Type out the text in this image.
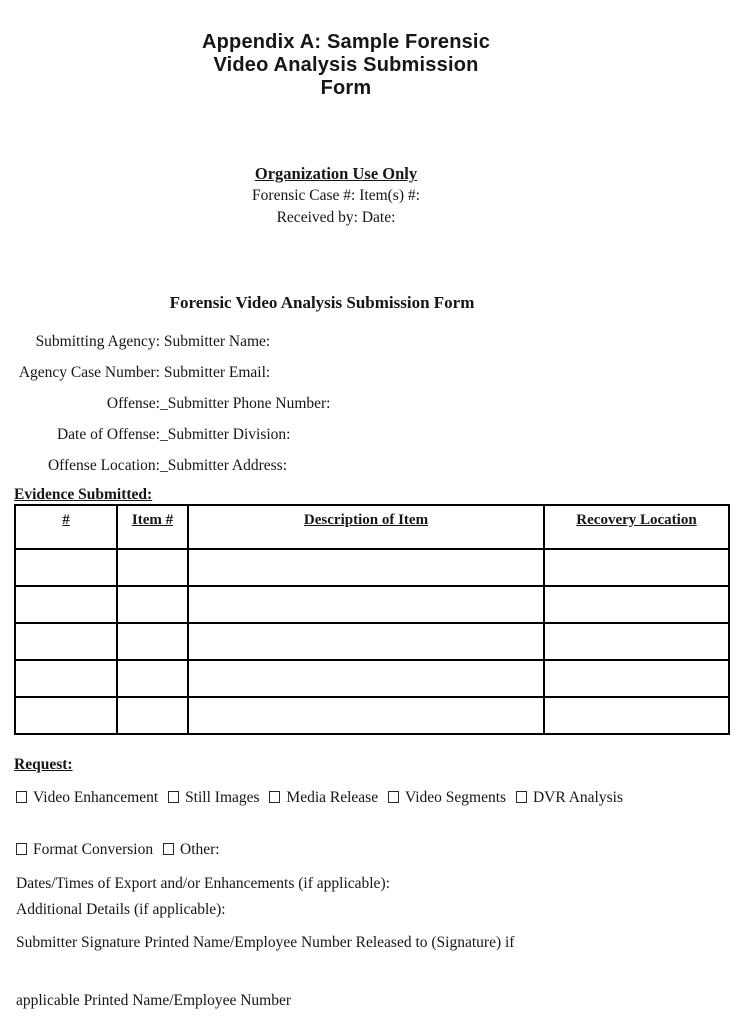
Appendix A: Sample Forensic
Video Analysis Submission
Form
Organization Use Only
Forensic Case #: Item(s) #:
Received by: Date:
Forensic Video Analysis Submission Form
Submitting Agency: Submitter Name:
Agency Case Number: Submitter Email:
Offense:_Submitter Phone Number:
Date of Offense:_Submitter Division:
Offense Location:_Submitter Address:
Evidence Submitted:
#	Item #	Description of Item	Recovery Location

Request:
Video Enhancement Still Images Media Release Video Segments DVR Analysis
Format Conversion Other:
Dates/Times of Export and/or Enhancements (if applicable):
Additional Details (if applicable):
Submitter Signature Printed Name/Employee Number Released to (Signature) if
applicable Printed Name/Employee Number
